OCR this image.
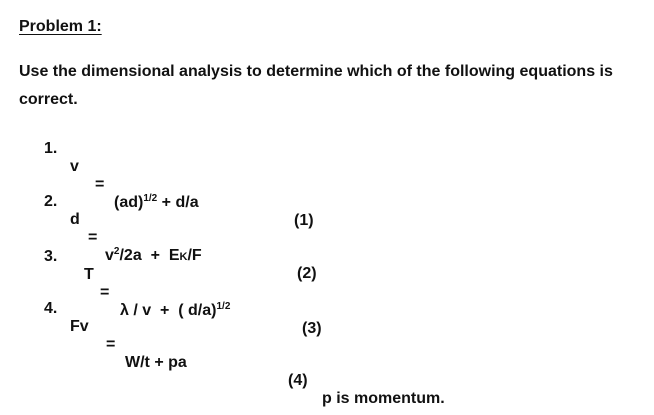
Problem 1:
Use the dimensional analysis to determine which of the following equations is
correct.

1.

v

=

(ad)$^{1/2}$ + d/a

(1)

2.

d

=

$v^2/2a + EK/F$

(2)

3.

T

=

λ / v  +  ( d/a)$^{1/2}$

(3)

4.

Fv

=

W/t + pa

(4)

p is momentum.
